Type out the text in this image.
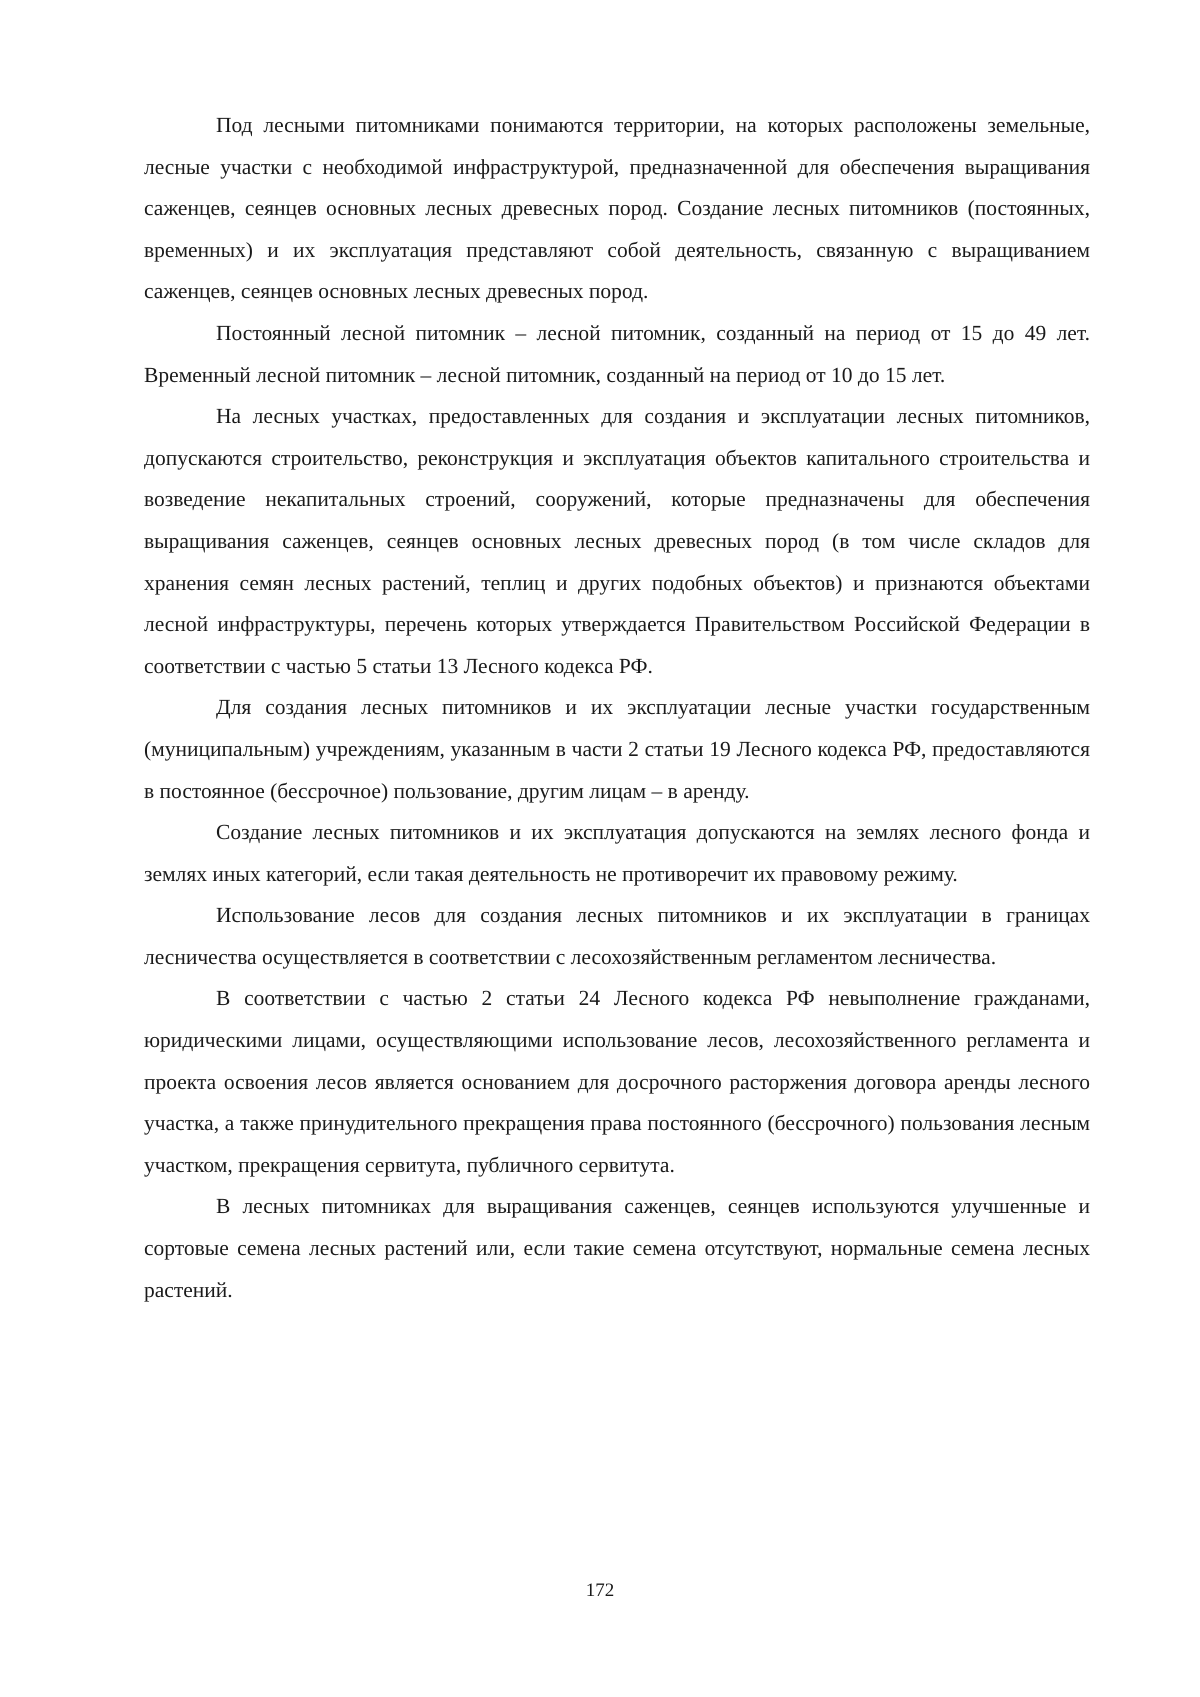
Под лесными питомниками понимаются территории, на которых расположены земельные, лесные участки с необходимой инфраструктурой, предназначенной для обеспечения выращивания саженцев, сеянцев основных лесных древесных пород. Создание лесных питомников (постоянных, временных) и их эксплуатация представляют собой деятельность, связанную с выращиванием саженцев, сеянцев основных лесных древесных пород.

Постоянный лесной питомник – лесной питомник, созданный на период от 15 до 49 лет. Временный лесной питомник – лесной питомник, созданный на период от 10 до 15 лет.

На лесных участках, предоставленных для создания и эксплуатации лесных питомников, допускаются строительство, реконструкция и эксплуатация объектов капитального строительства и возведение некапитальных строений, сооружений, которые предназначены для обеспечения выращивания саженцев, сеянцев основных лесных древесных пород (в том числе складов для хранения семян лесных растений, теплиц и других подобных объектов) и признаются объектами лесной инфраструктуры, перечень которых утверждается Правительством Российской Федерации в соответствии с частью 5 статьи 13 Лесного кодекса РФ.

Для создания лесных питомников и их эксплуатации лесные участки государственным (муниципальным) учреждениям, указанным в части 2 статьи 19 Лесного кодекса РФ, предоставляются в постоянное (бессрочное) пользование, другим лицам – в аренду.

Создание лесных питомников и их эксплуатация допускаются на землях лесного фонда и землях иных категорий, если такая деятельность не противоречит их правовому режиму.

Использование лесов для создания лесных питомников и их эксплуатации в границах лесничества осуществляется в соответствии с лесохозяйственным регламентом лесничества.

В соответствии с частью 2 статьи 24 Лесного кодекса РФ невыполнение гражданами, юридическими лицами, осуществляющими использование лесов, лесохозяйственного регламента и проекта освоения лесов является основанием для досрочного расторжения договора аренды лесного участка, а также принудительного прекращения права постоянного (бессрочного) пользования лесным участком, прекращения сервитута, публичного сервитута.

В лесных питомниках для выращивания саженцев, сеянцев используются улучшенные и сортовые семена лесных растений или, если такие семена отсутствуют, нормальные семена лесных растений.

172
